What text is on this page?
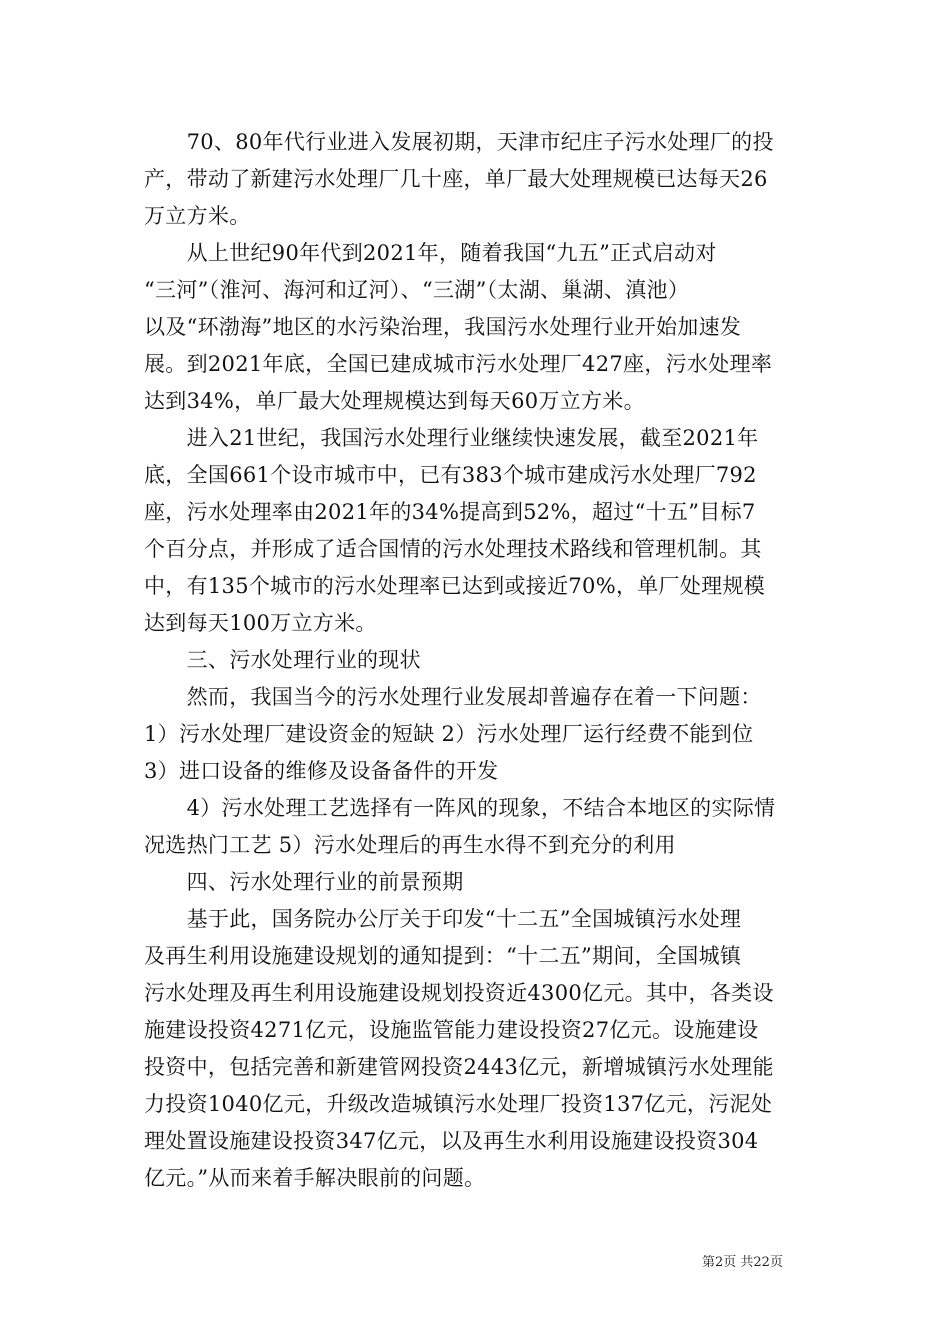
　　70、80年代行业进入发展初期，天津市纪庄子污水处理厂的投
产，带动了新建污水处理厂几十座，单厂最大处理规模已达每天26
万立方米。
　　从上世纪90年代到2021年，随着我国“九五”正式启动对
“三河”（淮河、海河和辽河）、“三湖”（太湖、巢湖、滇池）
以及“环渤海”地区的水污染治理，我国污水处理行业开始加速发
展。到2021年底，全国已建成城市污水处理厂427座，污水处理率
达到34%，单厂最大处理规模达到每天60万立方米。
　　进入21世纪，我国污水处理行业继续快速发展，截至2021年
底，全国661个设市城市中，已有383个城市建成污水处理厂792
座，污水处理率由2021年的34%提高到52%，超过“十五”目标7
个百分点，并形成了适合国情的污水处理技术路线和管理机制。其
中，有135个城市的污水处理率已达到或接近70%，单厂处理规模
达到每天100万立方米。
　　三、污水处理行业的现状
　　然而，我国当今的污水处理行业发展却普遍存在着一下问题：
1）污水处理厂建设资金的短缺 2）污水处理厂运行经费不能到位
3）进口设备的维修及设备备件的开发
　　4）污水处理工艺选择有一阵风的现象，不结合本地区的实际情
况选热门工艺 5）污水处理后的再生水得不到充分的利用
　　四、污水处理行业的前景预期
　　基于此，国务院办公厅关于印发“十二五”全国城镇污水处理
及再生利用设施建设规划的通知提到：“十二五”期间，全国城镇
污水处理及再生利用设施建设规划投资近4300亿元。其中，各类设
施建设投资4271亿元，设施监管能力建设投资27亿元。设施建设
投资中，包括完善和新建管网投资2443亿元，新增城镇污水处理能
力投资1040亿元，升级改造城镇污水处理厂投资137亿元，污泥处
理处置设施建设投资347亿元，以及再生水利用设施建设投资304
亿元。”从而来着手解决眼前的问题。
第2页 共22页
